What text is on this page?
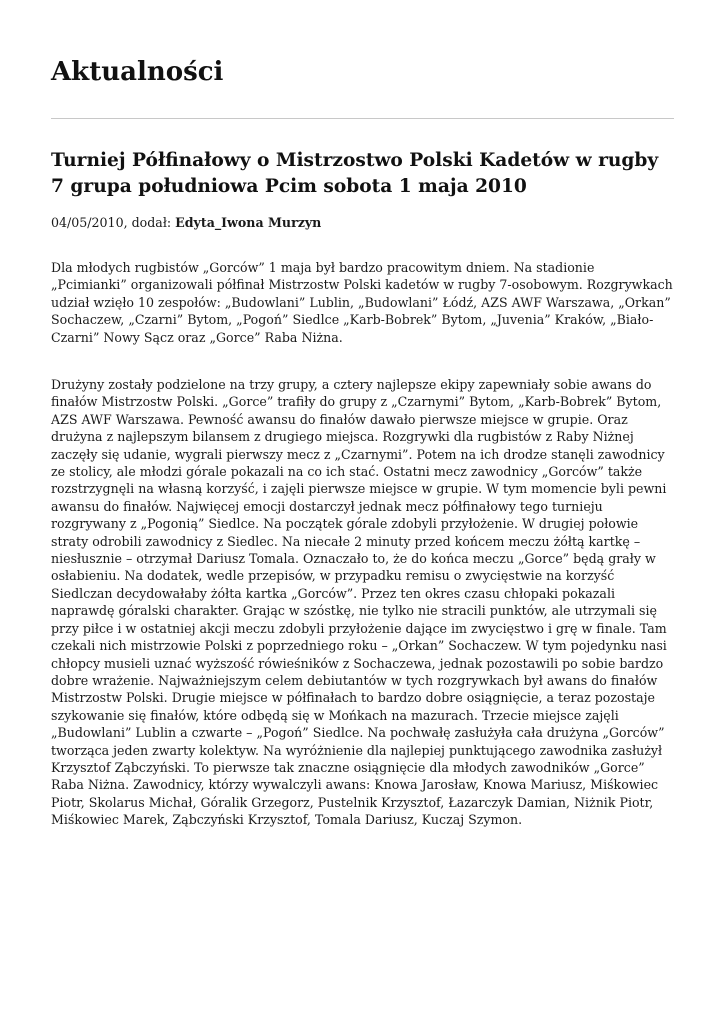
Aktualności
Turniej Półfinałowy o Mistrzostwo Polski Kadetów w rugby 7 grupa południowa Pcim sobota 1 maja 2010
04/05/2010, dodał: Edyta_Iwona Murzyn

Dla młodych rugbistów „Gorców” 1 maja był bardzo pracowitym dniem. Na stadionie „Pcimianki” organizowali półfinał Mistrzostw Polski kadetów w rugby 7-osobowym. Rozgrywkach udział wzięło 10 zespołów: „Budowlani” Lublin, „Budowlani” Łódź, AZS AWF Warszawa, „Orkan” Sochaczew, „Czarni” Bytom, „Pogoń” Siedlce „Karb-Bobrek” Bytom, „Juvenia” Kraków, „Biało-Czarni” Nowy Sącz oraz „Gorce” Raba Niżna.

Drużyny zostały podzielone na trzy grupy, a cztery najlepsze ekipy zapewniały sobie awans do finałów Mistrzostw Polski. „Gorce” trafiły do grupy z „Czarnymi” Bytom, „Karb-Bobrek” Bytom, AZS AWF Warszawa. Pewność awansu do finałów dawało pierwsze miejsce w grupie. Oraz drużyna z najlepszym bilansem z drugiego miejsca. Rozgrywki dla rugbistów z Raby Niżnej zaczęły się udanie, wygrali pierwszy mecz z „Czarnymi”. Potem na ich drodze stanęli zawodnicy ze stolicy, ale młodzi górale pokazali na co ich stać. Ostatni mecz zawodnicy „Gorców” także rozstrzygnęli na własną korzyść, i zajęli pierwsze miejsce w grupie. W tym momencie byli pewni awansu do finałów. Najwięcej emocji dostarczył jednak mecz półfinałowy tego turnieju rozgrywany z „Pogonią” Siedlce. Na początek górale zdobyli przyłożenie. W drugiej połowie straty odrobili zawodnicy z Siedlec. Na niecałe 2 minuty przed końcem meczu żółtą kartkę – niesłusznie – otrzymał Dariusz Tomala. Oznaczało to, że do końca meczu „Gorce” będą grały w osłabieniu. Na dodatek, wedle przepisów, w przypadku remisu o zwycięstwie na korzyść Siedlczan decydowałaby żółta kartka „Gorców”. Przez ten okres czasu chłopaki pokazali naprawdę góralski charakter. Grając w szóstkę, nie tylko nie stracili punktów, ale utrzymali się przy piłce i w ostatniej akcji meczu zdobyli przyłożenie dające im zwycięstwo i grę w finale. Tam czekali nich mistrzowie Polski z poprzedniego roku – „Orkan” Sochaczew. W tym pojedynku nasi chłopcy musieli uznać wyższość rówieśników z Sochaczewa, jednak pozostawili po sobie bardzo dobre wrażenie. Najważniejszym celem debiutantów w tych rozgrywkach był awans do finałów Mistrzostw Polski. Drugie miejsce w półfinałach to bardzo dobre osiągnięcie, a teraz pozostaje szykowanie się finałów, które odbędą się w Mońkach na mazurach. Trzecie miejsce zajęli „Budowlani” Lublin a czwarte – „Pogoń” Siedlce. Na pochwałę zasłużyła cała drużyna „Gorców” tworząca jeden zwarty kolektyw. Na wyróżnienie dla najlepiej punktującego zawodnika zasłużył Krzysztof Ząbczyński. To pierwsze tak znaczne osiągnięcie dla młodych zawodników „Gorce” Raba Niżna. Zawodnicy, którzy wywalczyli awans: Knowa Jarosław, Knowa Mariusz, Miśkowiec Piotr, Skolarus Michał, Góralik Grzegorz, Pustelnik Krzysztof, Łazarczyk Damian, Niżnik Piotr, Miśkowiec Marek, Ząbczyński Krzysztof, Tomala Dariusz, Kuczaj Szymon.
